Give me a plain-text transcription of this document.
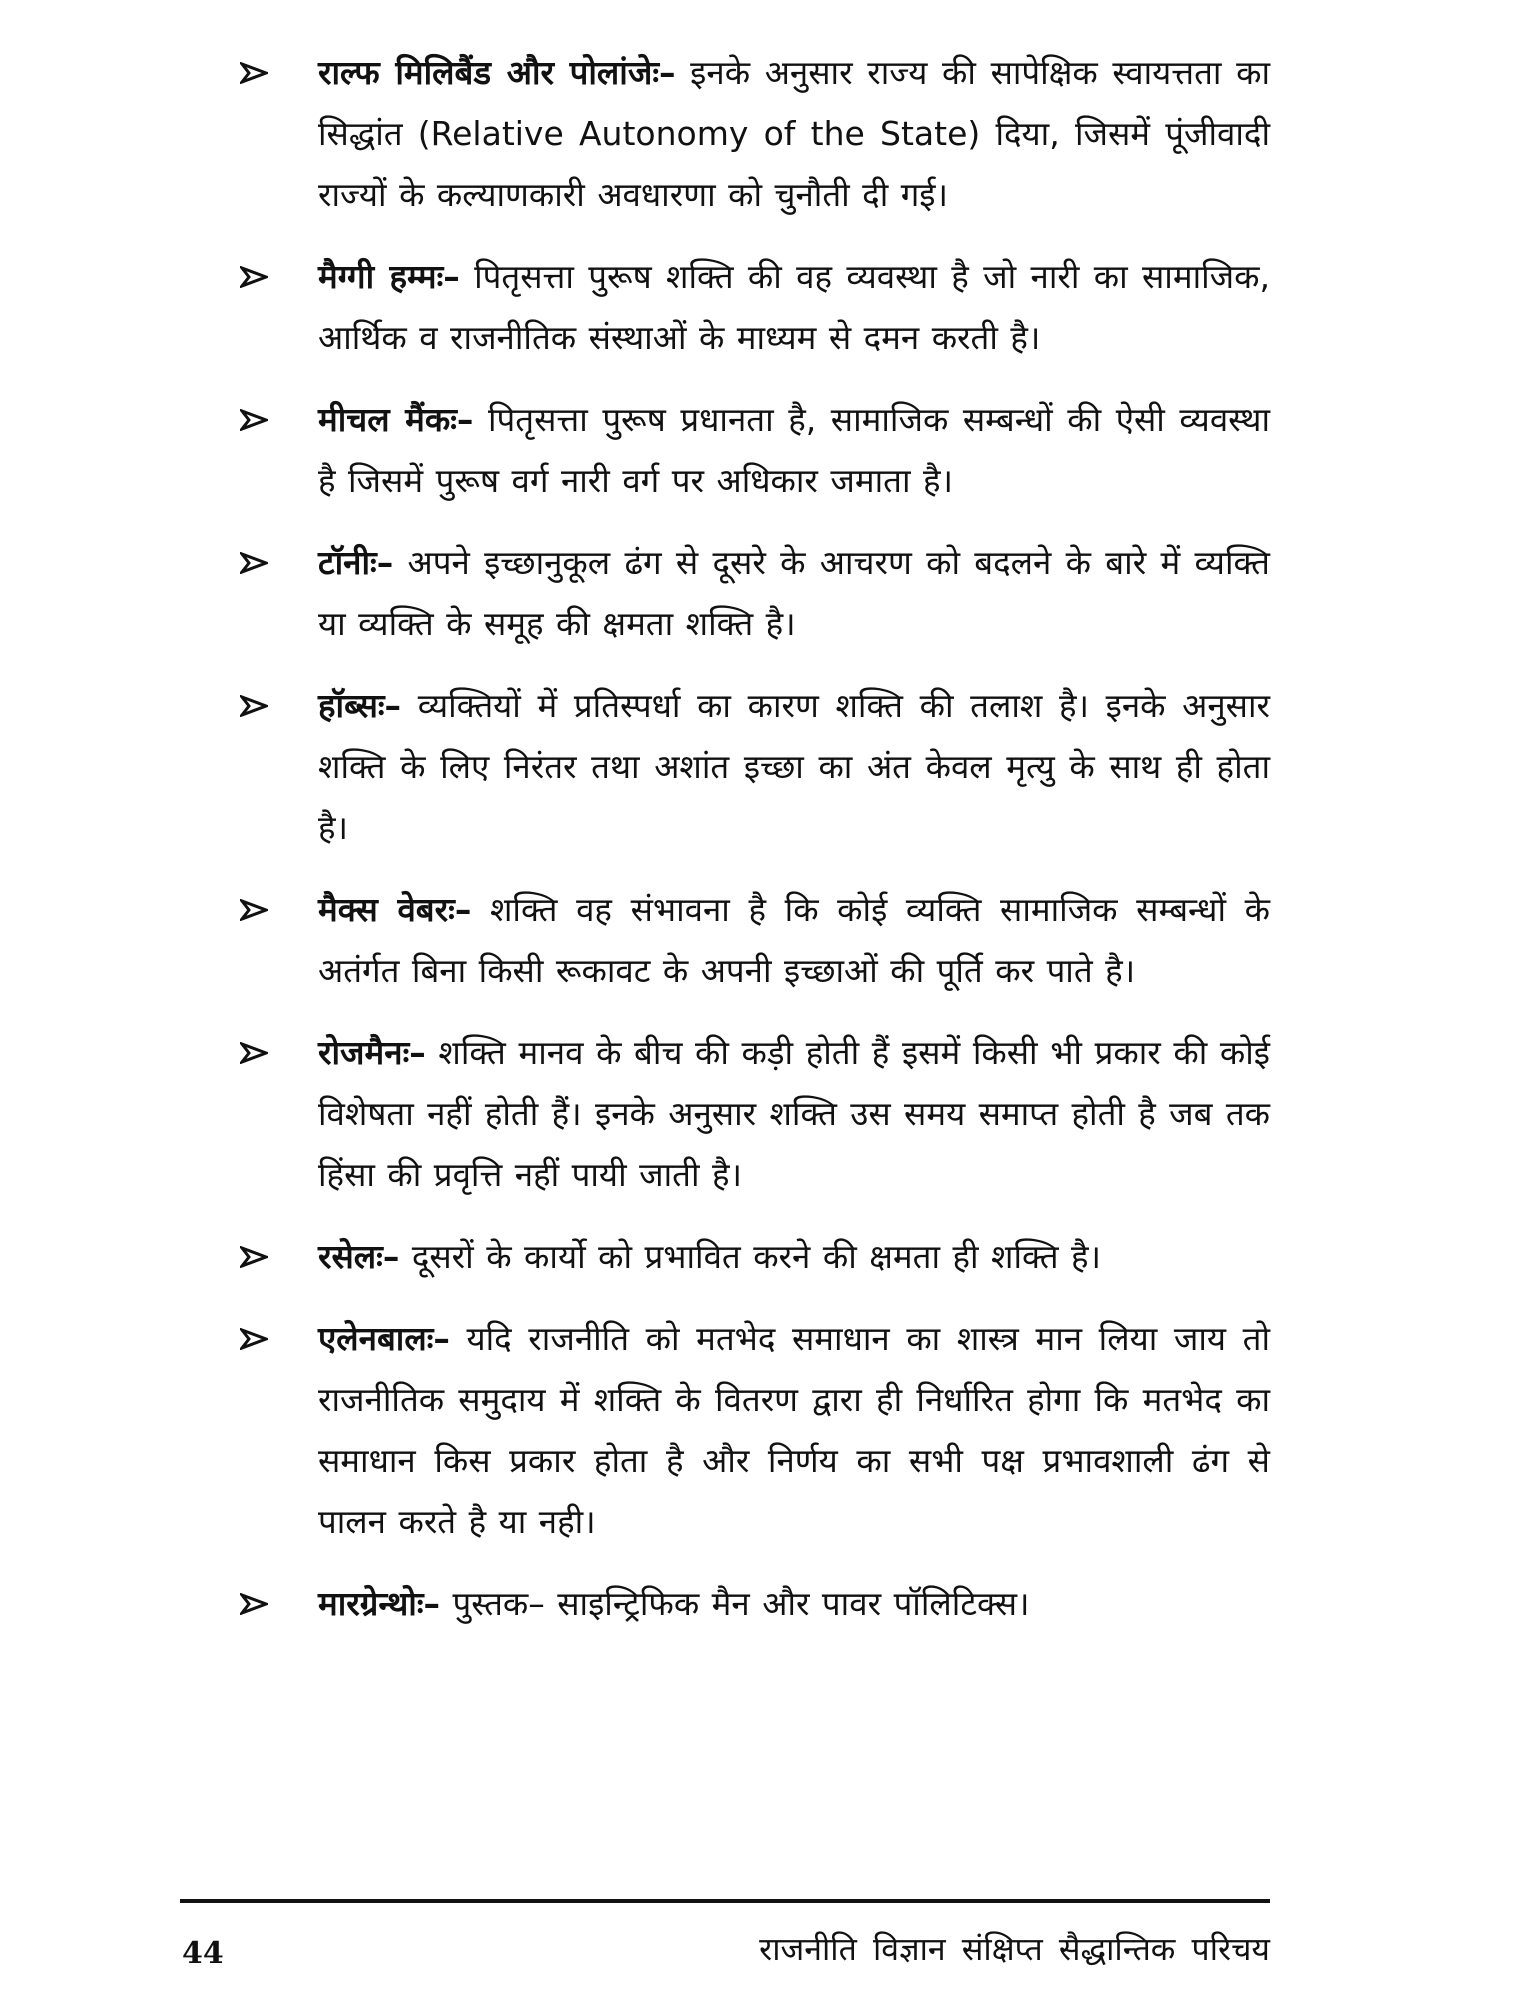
राल्फ मिलिबैंड और पोलांजेः– इनके अनुसार राज्य की सापेक्षिक स्वायत्तता का सिद्धांत (Relative Autonomy of the State) दिया, जिसमें पूंजीवादी राज्यों के कल्याणकारी अवधारणा को चुनौती दी गई।
मैग्गी हम्मः– पितृसत्ता पुरूष शक्ति की वह व्यवस्था है जो नारी का सामाजिक, आर्थिक व राजनीतिक संस्थाओं के माध्यम से दमन करती है।
मीचल मैंकः– पितृसत्ता पुरूष प्रधानता है, सामाजिक सम्बन्धों की ऐसी व्यवस्था है जिसमें पुरूष वर्ग नारी वर्ग पर अधिकार जमाता है।
टॉनीः– अपने इच्छानुकूल ढंग से दूसरे के आचरण को बदलने के बारे में व्यक्ति या व्यक्ति के समूह की क्षमता शक्ति है।
हॉब्सः– व्यक्तियों में प्रतिस्पर्धा का कारण शक्ति की तलाश है। इनके अनुसार शक्ति के लिए निरंतर तथा अशांत इच्छा का अंत केवल मृत्यु के साथ ही होता है।
मैक्स वेबरः– शक्ति वह संभावना है कि कोई व्यक्ति सामाजिक सम्बन्धों के अतंर्गत बिना किसी रूकावट के अपनी इच्छाओं की पूर्ति कर पाते है।
रोजमैनः– शक्ति मानव के बीच की कड़ी होती हैं इसमें किसी भी प्रकार की कोई विशेषता नहीं होती हैं। इनके अनुसार शक्ति उस समय समाप्त होती है जब तक हिंसा की प्रवृत्ति नहीं पायी जाती है।
रसेलः– दूसरों के कार्यो को प्रभावित करने की क्षमता ही शक्ति है।
एलेनबालः– यदि राजनीति को मतभेद समाधान का शास्त्र मान लिया जाय तो राजनीतिक समुदाय में शक्ति के वितरण द्वारा ही निर्धारित होगा कि मतभेद का समाधान किस प्रकार होता है और निर्णय का सभी पक्ष प्रभावशाली ढंग से पालन करते है या नही।
मारग्रेन्थोः– पुस्तक– साइन्ट्रिफिक मैन और पावर पॉलिटिक्स।
44	राजनीति विज्ञान संक्षिप्त सैद्धान्तिक परिचय
